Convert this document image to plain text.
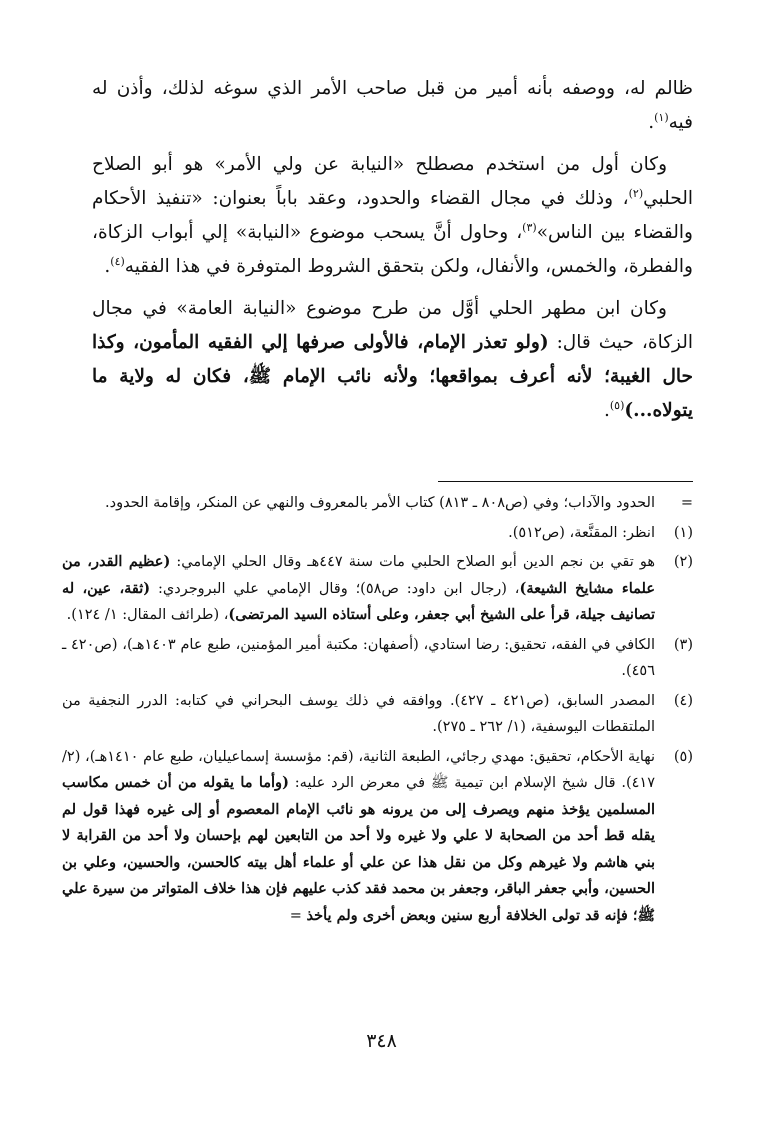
ظالم له، ووصفه بأنه أمير من قبل صاحب الأمر الذي سوغه لذلك، وأذن له فيه$^{(١)}$.

وكان أول من استخدم مصطلح «النيابة عن ولي الأمر» هو أبو الصلاح الحلبي$^{(٢)}$، وذلك في مجال القضاء والحدود، وعقد باباً بعنوان: «تنفيذ الأحكام والقضاء بين الناس»$^{(٣)}$، وحاول أنَّ يسحب موضوع «النيابة» إلي أبواب الزكاة، والفطرة، والخمس، والأنفال، ولكن بتحقق الشروط المتوفرة في هذا الفقيه$^{(٤)}$.

وكان ابن مطهر الحلي أوَّل من طرح موضوع «النيابة العامة» في مجال الزكاة، حيث قال: (ولو تعذر الإمام، فالأولى صرفها إلي الفقيه المأمون، وكذا حال الغيبة؛ لأنه أعرف بمواقعها؛ ولأنه نائب الإمام ﷺ، فكان له ولاية ما يتولاه...)$^{(٥)}$.

=
الحدود والآداب؛ وفي (ص٨٠٨ ـ ٨١٣) كتاب الأمر بالمعروف والنهي عن المنكر، وإقامة الحدود.
(١)
انظر: المقنَّعة، (ص٥١٢).
(٢)
هو تقي بن نجم الدين أبو الصلاح الحلبي مات سنة ٤٤٧هـ وقال الحلي الإمامي: (عظيم القدر، من علماء مشايخ الشيعة)، (رجال ابن داود: ص٥٨)؛ وقال الإمامي علي البروجردي: (ثقة، عين، له تصانيف جيلة، قرأ على الشيخ أبي جعفر، وعلى أستاذه السيد المرتضى)، (طرائف المقال: ١/ ١٢٤).
(٣)
الكافي في الفقه، تحقيق: رضا استادي، (أصفهان: مكتبة أمير المؤمنين، طبع عام ١٤٠٣هـ)، (ص٤٢٠ ـ ٤٥٦).
(٤)
المصدر السابق، (ص٤٢١ ـ ٤٢٧). ووافقه في ذلك يوسف البحراني في كتابه: الدرر النجفية من الملتقطات اليوسفية، (١/ ٢٦٢ ـ ٢٧٥).
(٥)
نهاية الأحكام، تحقيق: مهدي رجائي، الطبعة الثانية، (قم: مؤسسة إسماعيليان، طبع عام ١٤١٠هـ)، (٢/ ٤١٧). قال شيخ الإسلام ابن تيمية ﷺ في معرض الرد عليه: (وأما ما يقوله من أن خمس مكاسب المسلمين يؤخذ منهم ويصرف إلى من يرونه هو نائب الإمام المعصوم أو إلى غيره فهذا قول لم يقله قط أحد من الصحابة لا علي ولا غيره ولا أحد من التابعين لهم بإحسان ولا أحد من القرابة لا بني هاشم ولا غيرهم وكل من نقل هذا عن علي أو علماء أهل بيته كالحسن، والحسين، وعلي بن الحسين، وأبي جعفر الباقر، وجعفر بن محمد فقد كذب عليهم فإن هذا خلاف المتواتر من سيرة علي ﷺ؛ فإنه قد تولى الخلافة أربع سنين وبعض أخرى ولم يأخذ =
٣٤٨
